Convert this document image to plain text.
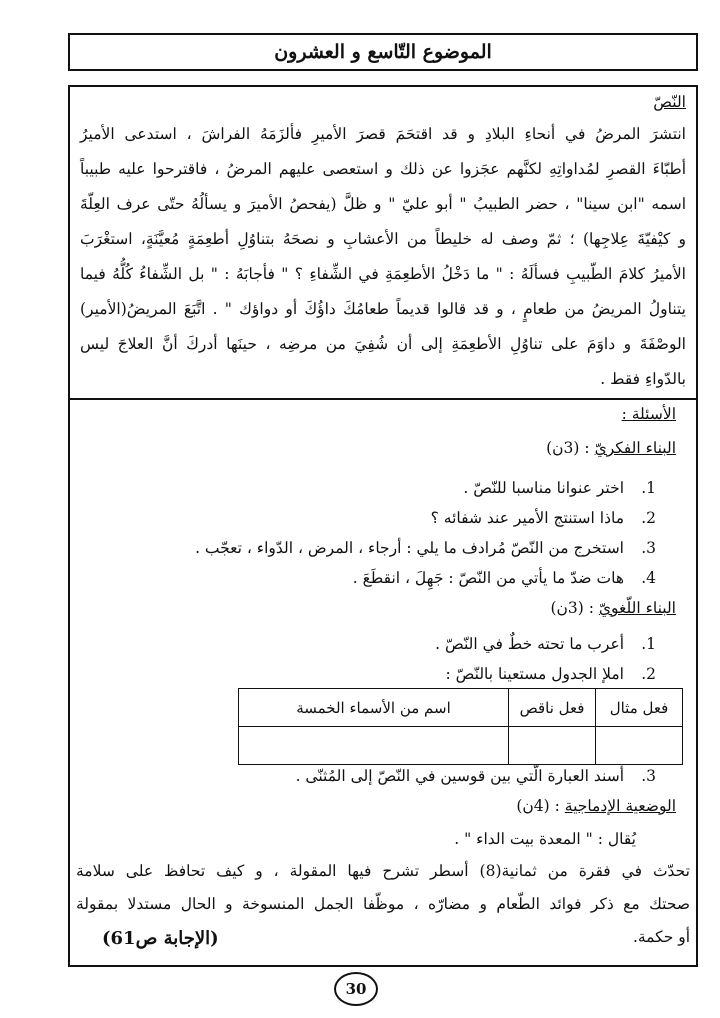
الموضوع التّاسع و العشرون
النّصّ
انتشرَ المرضُ في أنحاءِ البلادِ و قد اقتحَمَ قصرَ الأميرِ فألزَمَهُ الفراشَ ، استدعى الأميرُ
أطبّاءَ القصرِ لمُداواتِهِ لكنَّهم عجَزوا عن ذلك و استعصى عليهم المرضُ ، فاقترحوا عليه طبيباً
اسمه "ابن سينا" ، حضر الطبيبُ " أبو عليّ " و ظلَّ (يفحصُ الأميرَ و يسألُهُ حتّى عرف العِلّةَ
و كيْفيّةَ عِلاجِها) ؛ ثمّ وصف له خليطاً من الأعشابِ و نصحَهُ بتناوُلِ أطعِمَةٍ مُعيَّنَةٍ، استغْرَبَ
الأميرُ كلامَ الطّبيبِ فسألَهُ : " ما دَخْلُ الأطعِمَةِ في الشِّفاءِ ؟ " فأجابَهُ : " بل الشِّفاءُ كُلُّهُ فيما
يتناولُ المريضُ من طعامٍ ، و قد قالوا قديماً طعامُكَ داؤُكَ أو دواؤك " . اتَّبَعَ المريضُ(الأمير)
الوصْفَةَ و داوَمَ على تناوُلِ الأطعِمَةِ إلى أن شُفِيَ من مرضِه ، حينَها أدركَ أنَّ العلاجَ ليس
بالدّواءِ فقط .
الأسئلة :
البناء الفكريّ : (3ن)
1.
اختر عنوانا مناسبا للنّصّ .
2.
ماذا استنتج الأمير عند شفائه ؟
3.
استخرج من النّصّ مُرادف ما يلي : أرجاء ، المرض ، الدّواء ، تعجّب .
4.
هات ضدّ ما يأتي من النّصّ : جَهِلَ ، انقطَعَ .
البناء اللّغويّ : (3ن)
1.
أعرب ما تحته خطٌ في النّصّ .
2.
املإ الجدول مستعينا بالنّصّ :
فعل مثال	فعل ناقص	اسم من الأسماء الخمسة

3.
أسند العبارة الّتي بين قوسين في النّصّ إلى المُثنّى .
الوضعية الإدماجية : (4ن)
يُقال : " المعدة بيت الداء " .
تحدّث في فقرة من ثمانية(8) أسطر تشرح فيها المقولة ، و كيف تحافظ على سلامة
صحتك مع ذكر فوائد الطّعام و مضارّه ، موظّفا الجمل المنسوخة و الحال مستدلا بمقولة
أو حكمة.
(الإجابة ص61)
30
